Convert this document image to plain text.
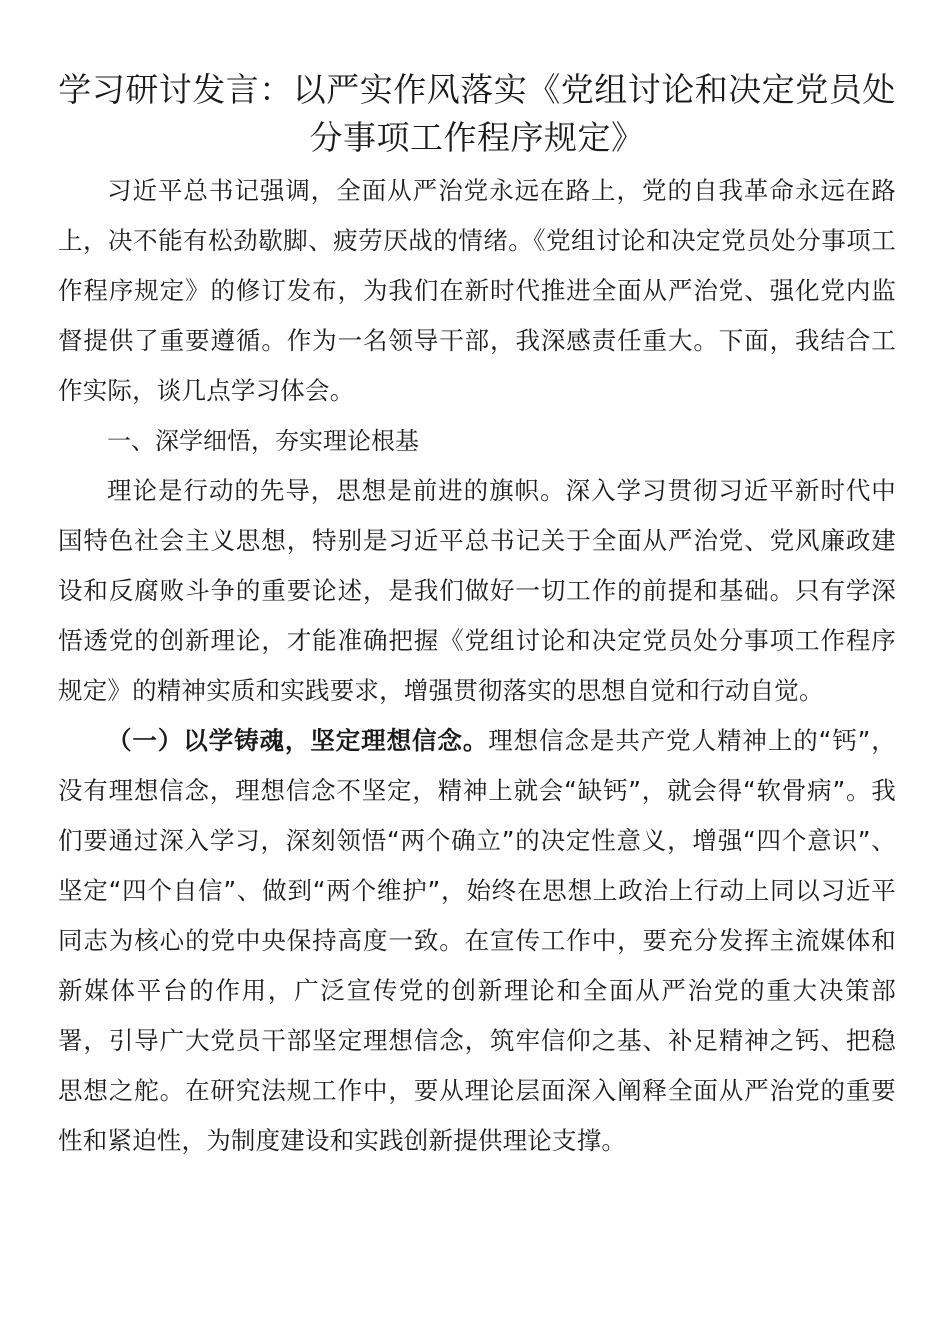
学习研讨发言：以严实作风落实《党组讨论和决定党员处分事项工作程序规定》

习近平总书记强调，全面从严治党永远在路上，党的自我革命永远在路上，决不能有松劲歇脚、疲劳厌战的情绪。《党组讨论和决定党员处分事项工作程序规定》的修订发布，为我们在新时代推进全面从严治党、强化党内监督提供了重要遵循。作为一名领导干部，我深感责任重大。下面，我结合工作实际，谈几点学习体会。

一、深学细悟，夯实理论根基

理论是行动的先导，思想是前进的旗帜。深入学习贯彻习近平新时代中国特色社会主义思想，特别是习近平总书记关于全面从严治党、党风廉政建设和反腐败斗争的重要论述，是我们做好一切工作的前提和基础。只有学深悟透党的创新理论，才能准确把握《党组讨论和决定党员处分事项工作程序规定》的精神实质和实践要求，增强贯彻落实的思想自觉和行动自觉。

（一）以学铸魂，坚定理想信念。理想信念是共产党人精神上的“钙”，没有理想信念，理想信念不坚定，精神上就会“缺钙”，就会得“软骨病”。我们要通过深入学习，深刻领悟“两个确立”的决定性意义，增强“四个意识”、坚定“四个自信”、做到“两个维护”，始终在思想上政治上行动上同以习近平同志为核心的党中央保持高度一致。在宣传工作中，要充分发挥主流媒体和新媒体平台的作用，广泛宣传党的创新理论和全面从严治党的重大决策部署，引导广大党员干部坚定理想信念，筑牢信仰之基、补足精神之钙、把稳思想之舵。在研究法规工作中，要从理论层面深入阐释全面从严治党的重要性和紧迫性，为制度建设和实践创新提供理论支撑。
